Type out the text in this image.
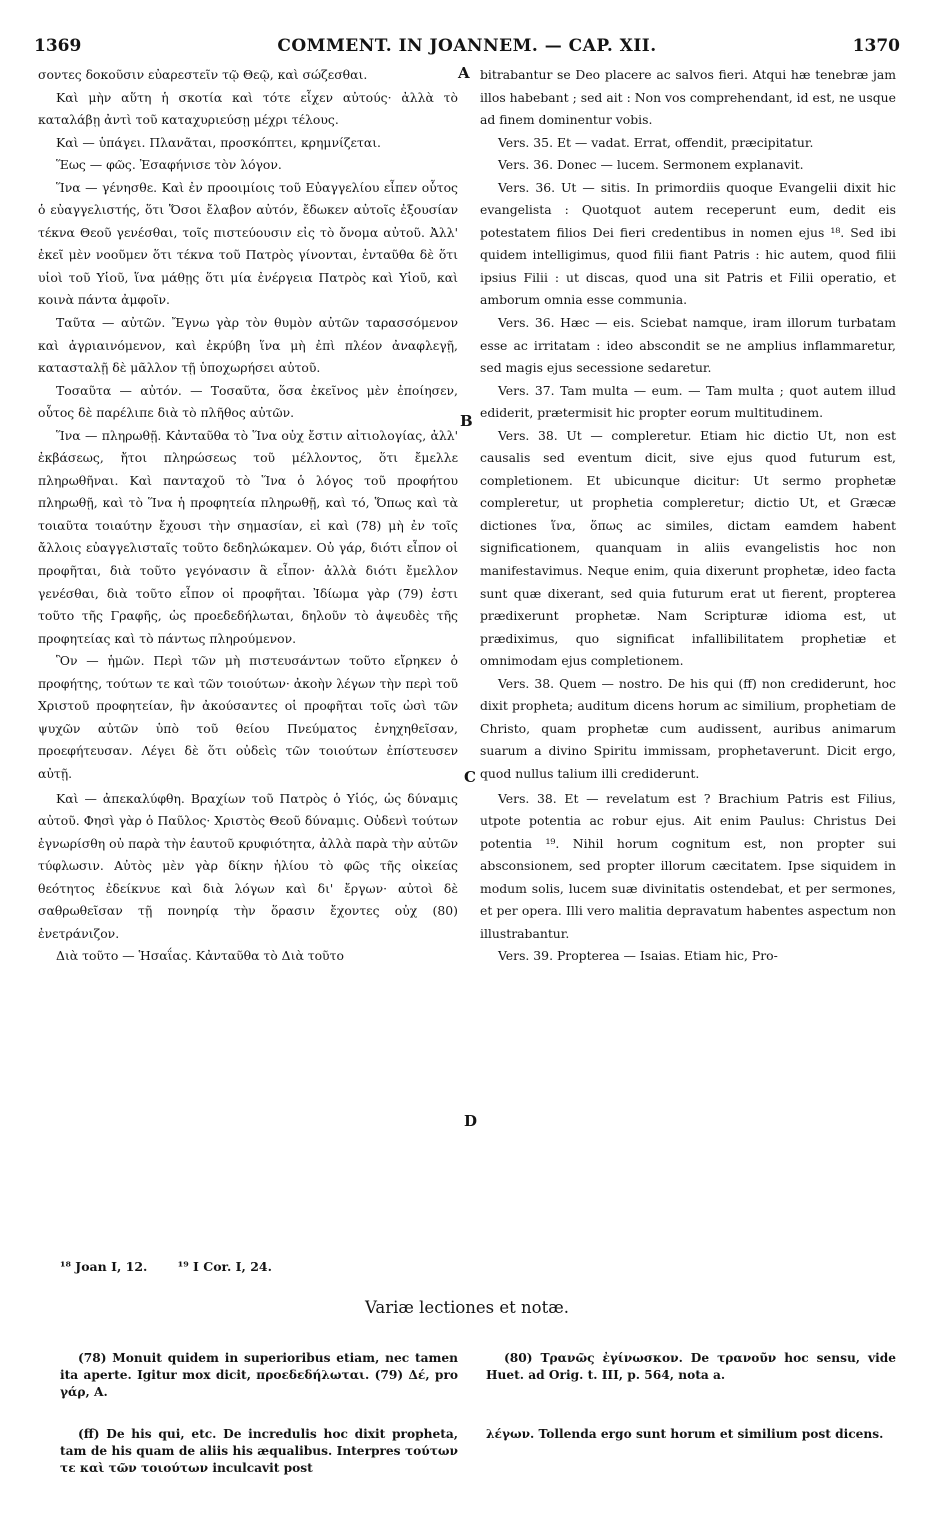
1369	COMMENT. IN JOANNEM. — CAP. XII.	1370

σοντες δοκοῦσιν εὐαρεστεῖν τῷ Θεῷ, καὶ σώζεσθαι.

Καὶ μὴν αὕτη ἡ σκοτία καὶ τότε εἶχεν αὐτούς· ἀλλὰ τὸ καταλάβῃ ἀντὶ τοῦ καταχυριεύσῃ μέχρι τέλους.

Καὶ — ὑπάγει. Πλανᾶται, προσκόπτει, κρημνίζεται.

Ἕως — φῶς. Ἐσαφήνισε τὸν λόγον.

Ἵνα — γένησθε. Καὶ ἐν προοιμίοις τοῦ Εὐαγγελίου εἶπεν οὗτος ὁ εὐαγγελιστής, ὅτι Ὅσοι ἔλαβον αὐτόν, ἔδωκεν αὐτοῖς ἐξουσίαν τέκνα Θεοῦ γενέσθαι, τοῖς πιστεύουσιν εἰς τὸ ὄνομα αὐτοῦ. Ἀλλ' ἐκεῖ μὲν νοοῦμεν ὅτι τέκνα τοῦ Πατρὸς γίνονται, ἐνταῦθα δὲ ὅτι υἱοὶ τοῦ Υἱοῦ, ἵνα μάθῃς ὅτι μία ἐνέργεια Πατρὸς καὶ Υἱοῦ, καὶ κοινὰ πάντα ἀμφοῖν.

Ταῦτα — αὐτῶν. Ἔγνω γὰρ τὸν θυμὸν αὐτῶν ταρασσόμενον καὶ ἀγριαινόμενον, καὶ ἐκρύβη ἵνα μὴ ἐπὶ πλέον ἀναφλεγῇ, κατασταλῇ δὲ μᾶλλον τῇ ὑποχωρήσει αὐτοῦ.

Τοσαῦτα — αὐτόν. — Τοσαῦτα, ὅσα ἐκεῖνος μὲν ἐποίησεν, οὗτος δὲ παρέλιπε διὰ τὸ πλῆθος αὐτῶν.

Ἵνα — πληρωθῇ. Κἀνταῦθα τὸ Ἵνα οὐχ ἔστιν αἰτιολογίας, ἀλλ' ἐκβάσεως, ἤτοι πληρώσεως τοῦ μέλλοντος, ὅτι ἔμελλε πληρωθῆναι. Καὶ πανταχοῦ τὸ Ἵνα ὁ λόγος τοῦ προφήτου πληρωθῇ, καὶ τὸ Ἵνα ἡ προφητεία πληρωθῇ, καὶ τό, Ὅπως καὶ τὰ τοιαῦτα τοιαύτην ἔχουσι τὴν σημασίαν, εἰ καὶ (78) μὴ ἐν τοῖς ἄλλοις εὐαγγελισταῖς τοῦτο δεδηλώκαμεν. Οὐ γάρ, διότι εἶπον οἱ προφῆται, διὰ τοῦτο γεγόνασιν ἃ εἶπον· ἀλλὰ διότι ἔμελλον γενέσθαι, διὰ τοῦτο εἶπον οἱ προφῆται. Ἰδίωμα γὰρ (79) ἐστι τοῦτο τῆς Γραφῆς, ὡς προεδεδήλωται, δηλοῦν τὸ ἀψευδὲς τῆς προφητείας καὶ τὸ πάντως πληρούμενον.

Ὃν — ἡμῶν. Περὶ τῶν μὴ πιστευσάντων τοῦτο εἴρηκεν ὁ προφήτης, τούτων τε καὶ τῶν τοιούτων· ἀκοὴν λέγων τὴν περὶ τοῦ Χριστοῦ προφητείαν, ἣν ἀκούσαντες οἱ προφῆται τοῖς ὠσὶ τῶν ψυχῶν αὐτῶν ὑπὸ τοῦ θείου Πνεύματος ἐνηχηθεῖσαν, προεφήτευσαν. Λέγει δὲ ὅτι οὐδεὶς τῶν τοιούτων ἐπίστευσεν αὐτῇ.

Καὶ — ἀπεκαλύφθη. Βραχίων τοῦ Πατρὸς ὁ Υἱός, ὡς δύναμις αὐτοῦ. Φησὶ γὰρ ὁ Παῦλος· Χριστὸς Θεοῦ δύναμις. Οὐδενὶ τούτων ἐγνωρίσθη οὐ παρὰ τὴν ἑαυτοῦ κρυφιότητα, ἀλλὰ παρὰ τὴν αὐτῶν τύφλωσιν. Αὐτὸς μὲν γὰρ δίκην ἡλίου τὸ φῶς τῆς οἰκείας θεότητος ἐδείκνυε καὶ διὰ λόγων καὶ δι' ἔργων· αὐτοὶ δὲ σαθρωθεῖσαν τῇ πονηρίᾳ τὴν ὅρασιν ἔχοντες οὐχ (80) ἐνετράνιζον.

Διὰ τοῦτο — Ἡσαΐας. Κἀνταῦθα τὸ Διὰ τοῦτο

A
B
C
D

bitrabantur se Deo placere ac salvos fieri. Atqui hæ tenebræ jam illos habebant ; sed ait : Non vos comprehendant, id est, ne usque ad finem dominentur vobis.

Vers. 35. Et — vadat. Errat, offendit, præcipitatur.

Vers. 36. Donec — lucem. Sermonem explanavit.

Vers. 36. Ut — sitis. In primordiis quoque Evangelii dixit hic evangelista : Quotquot autem receperunt eum, dedit eis potestatem filios Dei fieri credentibus in nomen ejus ¹⁸. Sed ibi quidem intelligimus, quod filii fiant Patris : hic autem, quod filii ipsius Filii : ut discas, quod una sit Patris et Filii operatio, et amborum omnia esse communia.

Vers. 36. Hæc — eis. Sciebat namque, iram illorum turbatam esse ac irritatam : ideo abscondit se ne amplius inflammaretur, sed magis ejus secessione sedaretur.

Vers. 37. Tam multa — eum. — Tam multa ; quot autem illud ediderit, prætermisit hic propter eorum multitudinem.

Vers. 38. Ut — compleretur. Etiam hic dictio Ut, non est causalis sed eventum dicit, sive ejus quod futurum est, completionem. Et ubicunque dicitur: Ut sermo prophetæ compleretur, ut prophetia compleretur; dictio Ut, et Græcæ dictiones ἵνα, ὅπως ac similes, dictam eamdem habent significationem, quanquam in aliis evangelistis hoc non manifestavimus. Neque enim, quia dixerunt prophetæ, ideo facta sunt quæ dixerant, sed quia futurum erat ut fierent, propterea prædixerunt prophetæ. Nam Scripturæ idioma est, ut prædiximus, quo significat infallibilitatem prophetiæ et omnimodam ejus completionem.

Vers. 38. Quem — nostro. De his qui (ff) non crediderunt, hoc dixit propheta; auditum dicens horum ac similium, prophetiam de Christo, quam prophetæ cum audissent, auribus animarum suarum a divino Spiritu immissam, prophetaverunt. Dicit ergo, quod nullus talium illi crediderunt.

Vers. 38. Et — revelatum est ? Brachium Patris est Filius, utpote potentia ac robur ejus. Ait enim Paulus: Christus Dei potentia ¹⁹. Nihil horum cognitum est, non propter sui absconsionem, sed propter illorum cæcitatem. Ipse siquidem in modum solis, lucem suæ divinitatis ostendebat, et per sermones, et per opera. Illi vero malitia depravatum habentes aspectum non illustrabantur.

Vers. 39. Propterea — Isaias. Etiam hic, Pro-

¹⁸ Joan I, 12. ¹⁹ I Cor. I, 24.
Variæ lectiones et notæ.

(78) Monuit quidem in superioribus etiam, nec tamen ita aperte. Igitur mox dicit, προεδεδήλωται. (79) Δέ, pro γάρ, A.

(80) Τρανῶς ἐγίνωσκον. De τρανοῦν hoc sensu, vide Huet. ad Orig. t. III, p. 564, nota a.

(ff) De his qui, etc. De incredulis hoc dixit propheta, tam de his quam de aliis his æqualibus. Interpres τούτων τε καὶ τῶν τοιούτων inculcavit post

λέγων. Tollenda ergo sunt horum et similium post dicens.
